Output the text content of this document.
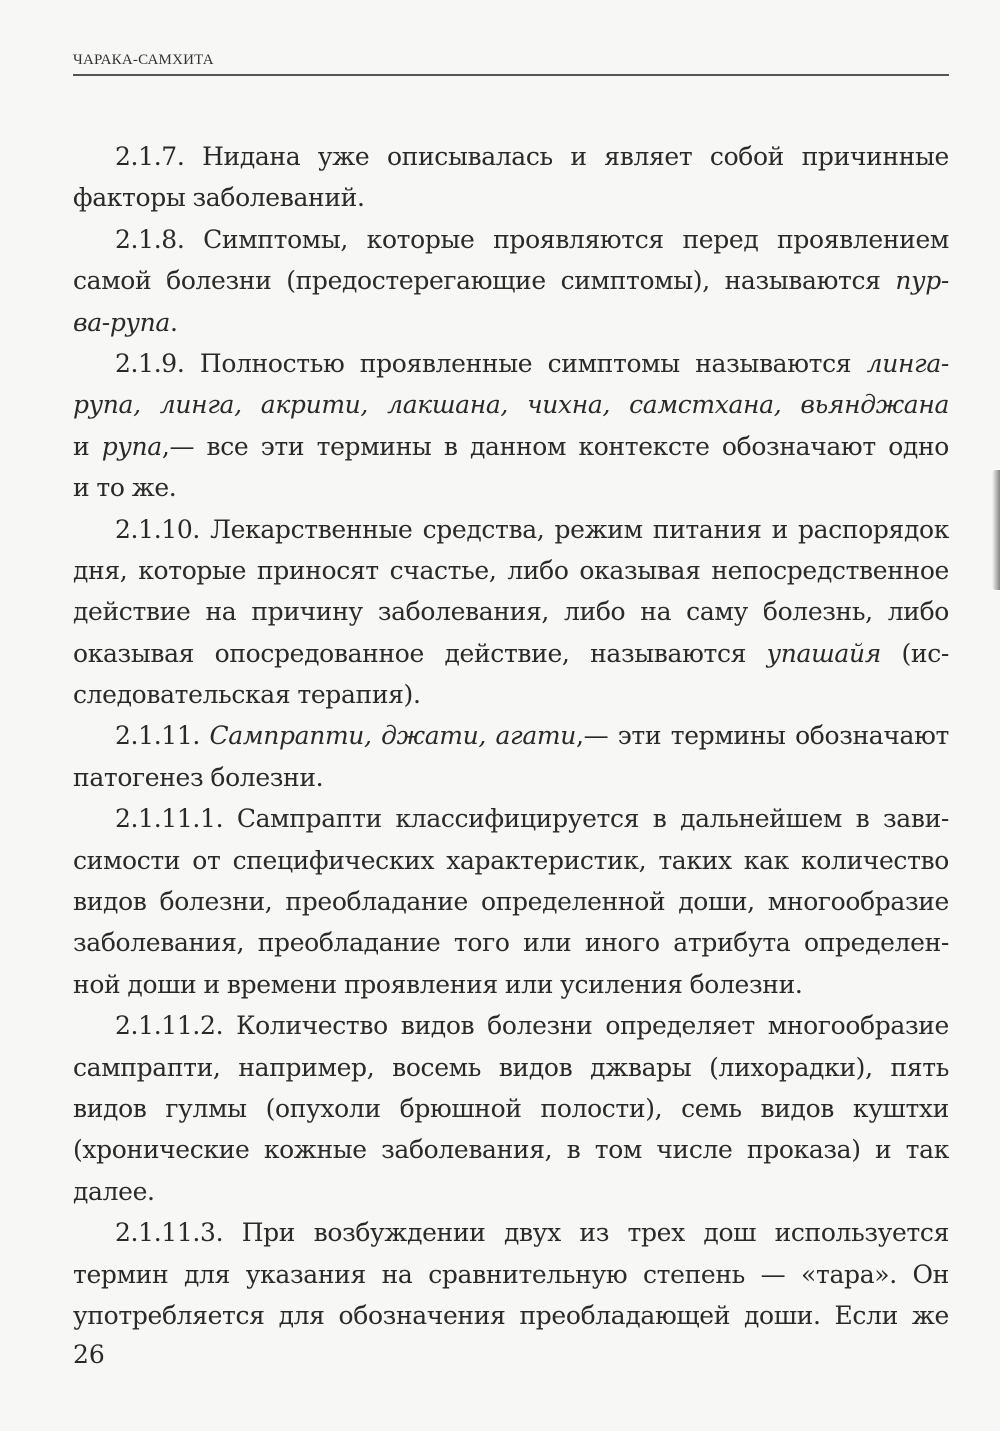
ЧАРАКА-САМХИТА
2.1.7. Нидана уже описывалась и являет собой причинные
факторы заболеваний.
2.1.8. Симптомы, которые проявляются перед проявлением
самой болезни (предостерегающие симптомы), называются пур-
ва-рупа.
2.1.9. Полностью проявленные симптомы называются линга-
рупа, линга, акрити, лакшана, чихна, самстхана, вьянджана
и рупа,— все эти термины в данном контексте обозначают одно
и то же.
2.1.10. Лекарственные средства, режим питания и распорядок
дня, которые приносят счастье, либо оказывая непосредственное
действие на причину заболевания, либо на саму болезнь, либо
оказывая опосредованное действие, называются упашайя (ис-
следовательская терапия).
2.1.11. Сампрапти, джати, агати,— эти термины обозначают
патогенез болезни.
2.1.11.1. Сампрапти классифицируется в дальнейшем в зави-
симости от специфических характеристик, таких как количество
видов болезни, преобладание определенной доши, многообразие
заболевания, преобладание того или иного атрибута определен-
ной доши и времени проявления или усиления болезни.
2.1.11.2. Количество видов болезни определяет многообразие
сампрапти, например, восемь видов джвары (лихорадки), пять
видов гулмы (опухоли брюшной полости), семь видов куштхи
(хронические кожные заболевания, в том числе проказа) и так
далее.
2.1.11.3. При возбуждении двух из трех дош используется
термин для указания на сравнительную степень — «тара». Он
употребляется для обозначения преобладающей доши. Если же
26
